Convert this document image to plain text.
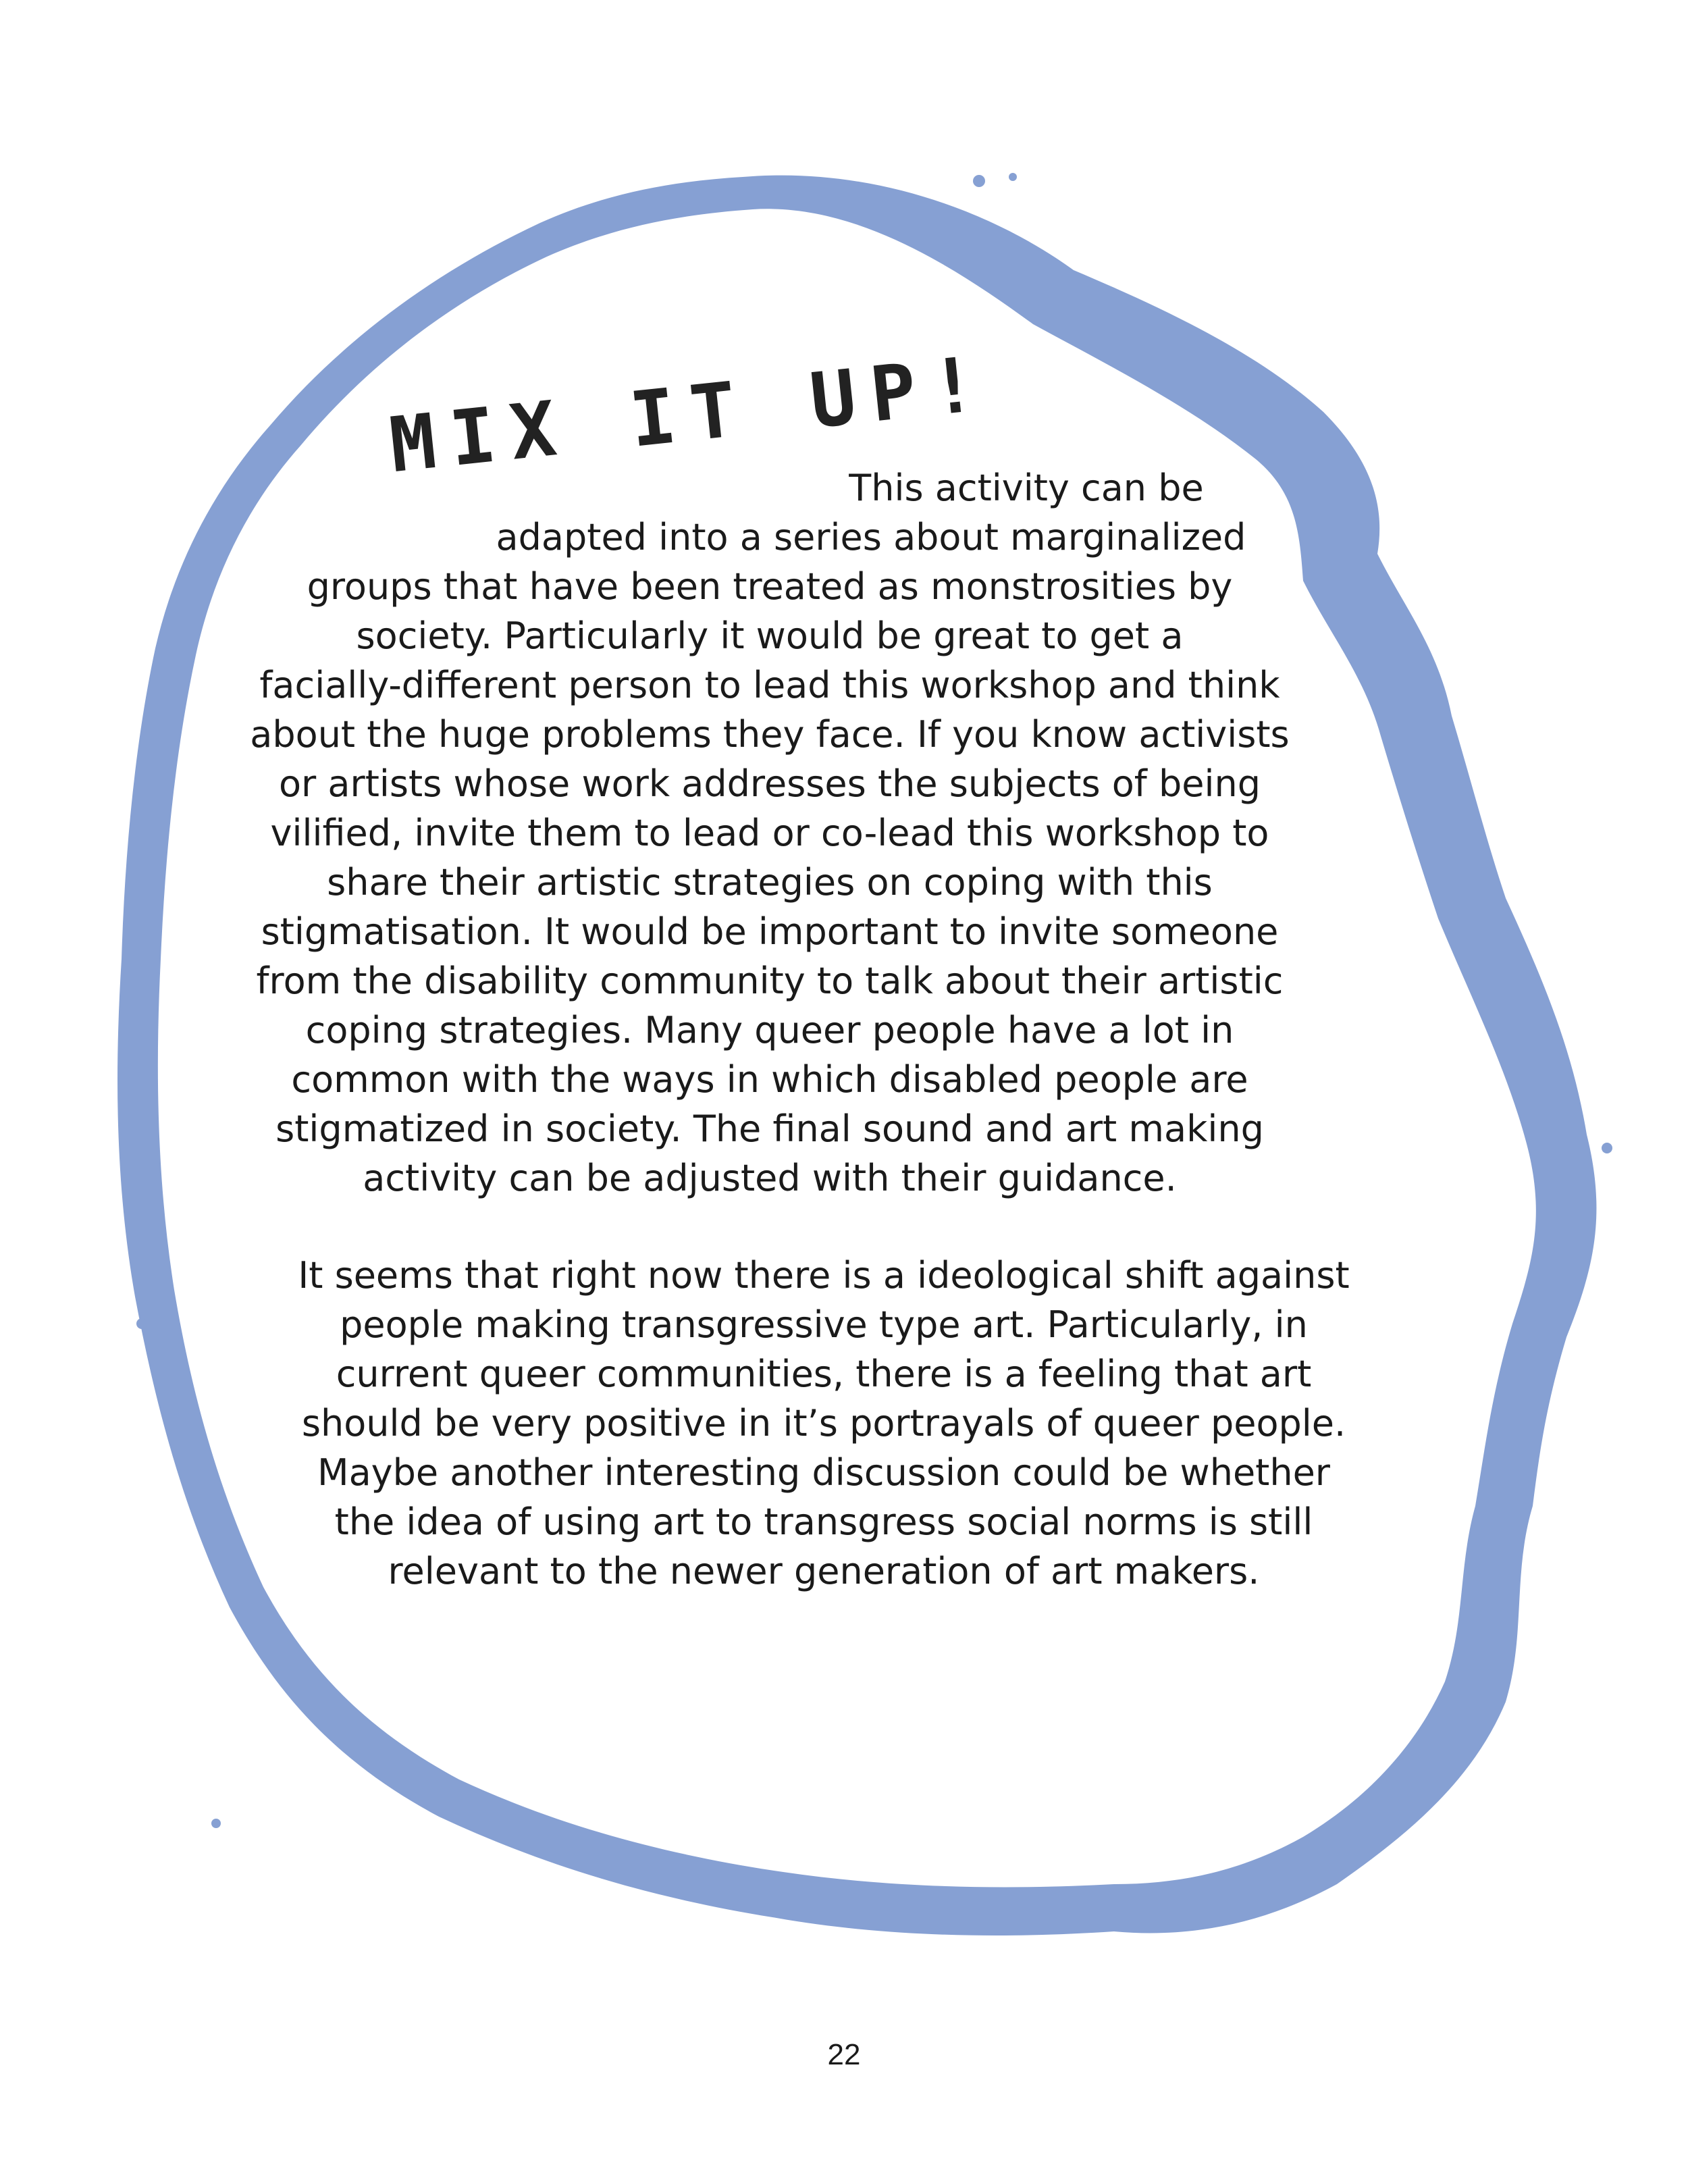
MIX IT UP!
This activity can be
adapted into a series about marginalized
groups that have been treated as monstrosities by
society. Particularly it would be great to get a
facially-different person to lead this workshop and think
about the huge problems they face. If you know activists
or artists whose work addresses the subjects of being
vilified, invite them to lead or co-lead this workshop to
share their artistic strategies on coping with this
stigmatisation. It would be important to invite someone
from the disability community to talk about their artistic
coping strategies. Many queer people have a lot in
common with the ways in which disabled people are
stigmatized in society. The final sound and art making
activity can be adjusted with their guidance.
It seems that right now there is a ideological shift against
people making transgressive type art. Particularly, in
current queer communities, there is a feeling that art
should be very positive in it’s portrayals of queer people.
Maybe another interesting discussion could be whether
the idea of using art to transgress social norms is still
relevant to the newer generation of art makers.
22
